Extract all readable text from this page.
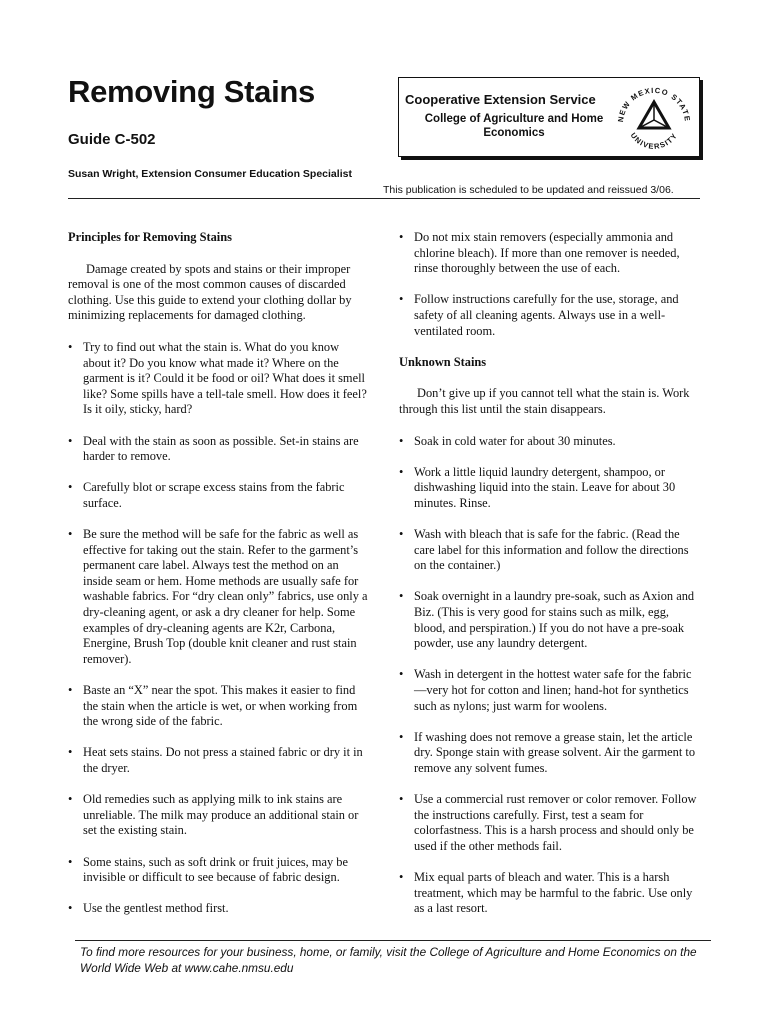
Removing Stains
Guide C-502
Susan Wright, Extension Consumer Education Specialist
This publication is scheduled to be updated and reissued 3/06.
Cooperative Extension Service
College of Agriculture and Home Economics
NEW MEXICO STATE
UNIVERSITY
Principles for Removing Stains
Damage created by spots and stains or their improper removal is one of the most common causes of discarded clothing. Use this guide to extend your clothing dollar by minimizing replacements for damaged clothing.
• Try to find out what the stain is. What do you know about it? Do you know what made it? Where on the garment is it? Could it be food or oil? What does it smell like? Some spills have a tell-tale smell. How does it feel? Is it oily, sticky, hard?
• Deal with the stain as soon as possible. Set-in stains are harder to remove.
• Carefully blot or scrape excess stains from the fabric surface.
• Be sure the method will be safe for the fabric as well as effective for taking out the stain. Refer to the garment’s permanent care label. Always test the method on an inside seam or hem. Home methods are usually safe for washable fabrics. For “dry clean only” fabrics, use only a dry-cleaning agent, or ask a dry cleaner for help. Some examples of dry-cleaning agents are K2r, Carbona, Energine, Brush Top (double knit cleaner and rust stain remover).
• Baste an “X” near the spot. This makes it easier to find the stain when the article is wet, or when working from the wrong side of the fabric.
• Heat sets stains. Do not press a stained fabric or dry it in the dryer.
• Old remedies such as applying milk to ink stains are unreliable. The milk may produce an additional stain or set the existing stain.
• Some stains, such as soft drink or fruit juices, may be invisible or difficult to see because of fabric design.
• Use the gentlest method first.
• Do not mix stain removers (especially ammonia and chlorine bleach). If more than one remover is needed, rinse thoroughly between the use of each.
• Follow instructions carefully for the use, storage, and safety of all cleaning agents. Always use in a well-ventilated room.
Unknown Stains
Don’t give up if you cannot tell what the stain is. Work through this list until the stain disappears.
• Soak in cold water for about 30 minutes.
• Work a little liquid laundry detergent, shampoo, or dishwashing liquid into the stain. Leave for about 30 minutes. Rinse.
• Wash with bleach that is safe for the fabric. (Read the care label for this information and follow the directions on the container.)
• Soak overnight in a laundry pre-soak, such as Axion and Biz. (This is very good for stains such as milk, egg, blood, and perspiration.) If you do not have a pre-soak powder, use any laundry detergent.
• Wash in detergent in the hottest water safe for the fabric—very hot for cotton and linen; hand-hot for synthetics such as nylons; just warm for woolens.
• If washing does not remove a grease stain, let the article dry. Sponge stain with grease solvent. Air the garment to remove any solvent fumes.
• Use a commercial rust remover or color remover. Follow the instructions carefully. First, test a seam for colorfastness. This is a harsh process and should only be used if the other methods fail.
• Mix equal parts of bleach and water. This is a harsh treatment, which may be harmful to the fabric. Use only as a last resort.
To find more resources for your business, home, or family, visit the College of Agriculture and Home Economics on the World Wide Web at www.cahe.nmsu.edu
